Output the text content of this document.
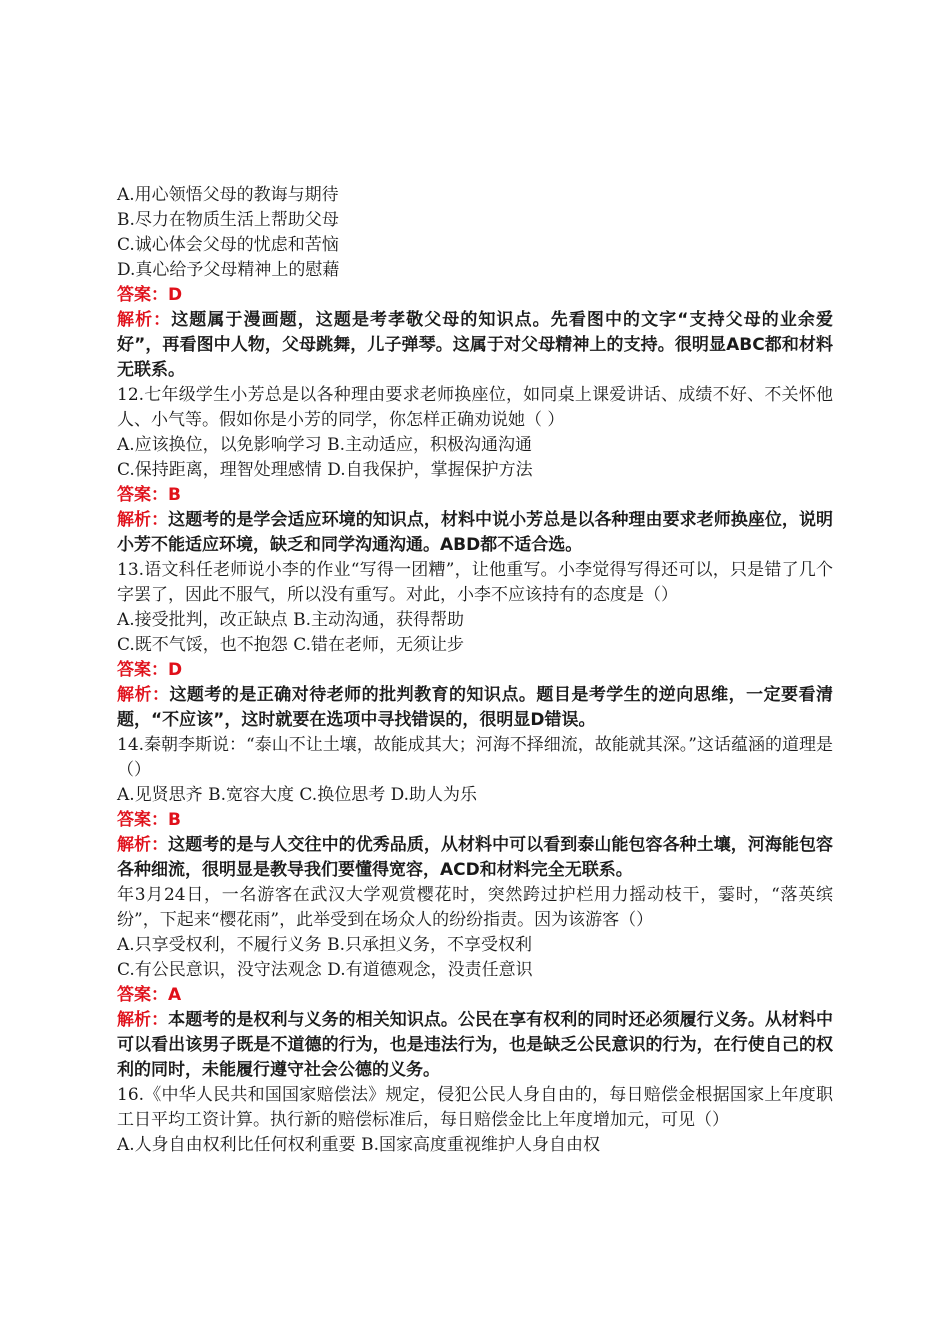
A.用心领悟父母的教诲与期待
B.尽力在物质生活上帮助父母
C.诚心体会父母的忧虑和苦恼
D.真心给予父母精神上的慰藉
答案：D
解析：这题属于漫画题，这题是考孝敬父母的知识点。先看图中的文字“支持父母的业余爱好”，再看图中人物，父母跳舞，儿子弹琴。这属于对父母精神上的支持。很明显ABC都和材料无联系。
12.七年级学生小芳总是以各种理由要求老师换座位，如同桌上课爱讲话、成绩不好、不关怀他人、小气等。假如你是小芳的同学，你怎样正确劝说她（ ）
A.应该换位，以免影响学习 B.主动适应，积极沟通沟通
C.保持距离，理智处理感情 D.自我保护，掌握保护方法
答案：B
解析：这题考的是学会适应环境的知识点，材料中说小芳总是以各种理由要求老师换座位，说明小芳不能适应环境，缺乏和同学沟通沟通。ABD都不适合选。
13.语文科任老师说小李的作业“写得一团糟”，让他重写。小李觉得写得还可以，只是错了几个字罢了，因此不服气，所以没有重写。对此，小李不应该持有的态度是（）
A.接受批判，改正缺点 B.主动沟通，获得帮助
C.既不气馁，也不抱怨 C.错在老师，无须让步
答案：D
解析：这题考的是正确对待老师的批判教育的知识点。题目是考学生的逆向思维，一定要看清题，“不应该”，这时就要在选项中寻找错误的，很明显D错误。
14.秦朝李斯说：“泰山不让土壤，故能成其大；河海不择细流，故能就其深。”这话蕴涵的道理是（）
A.见贤思齐 B.宽容大度 C.换位思考 D.助人为乐
答案：B
解析：这题考的是与人交往中的优秀品质，从材料中可以看到泰山能包容各种土壤，河海能包容各种细流，很明显是教导我们要懂得宽容，ACD和材料完全无联系。
年3月24日，一名游客在武汉大学观赏樱花时，突然跨过护栏用力摇动枝干，霎时，“落英缤纷”，下起来“樱花雨”，此举受到在场众人的纷纷指责。因为该游客（）
A.只享受权利，不履行义务 B.只承担义务，不享受权利
C.有公民意识，没守法观念 D.有道德观念，没责任意识
答案：A
解析：本题考的是权利与义务的相关知识点。公民在享有权利的同时还必须履行义务。从材料中可以看出该男子既是不道德的行为，也是违法行为，也是缺乏公民意识的行为，在行使自己的权利的同时，未能履行遵守社会公德的义务。
16.《中华人民共和国国家赔偿法》规定，侵犯公民人身自由的，每日赔偿金根据国家上年度职工日平均工资计算。执行新的赔偿标准后，每日赔偿金比上年度增加元，可见（）
A.人身自由权利比任何权利重要 B.国家高度重视维护人身自由权
